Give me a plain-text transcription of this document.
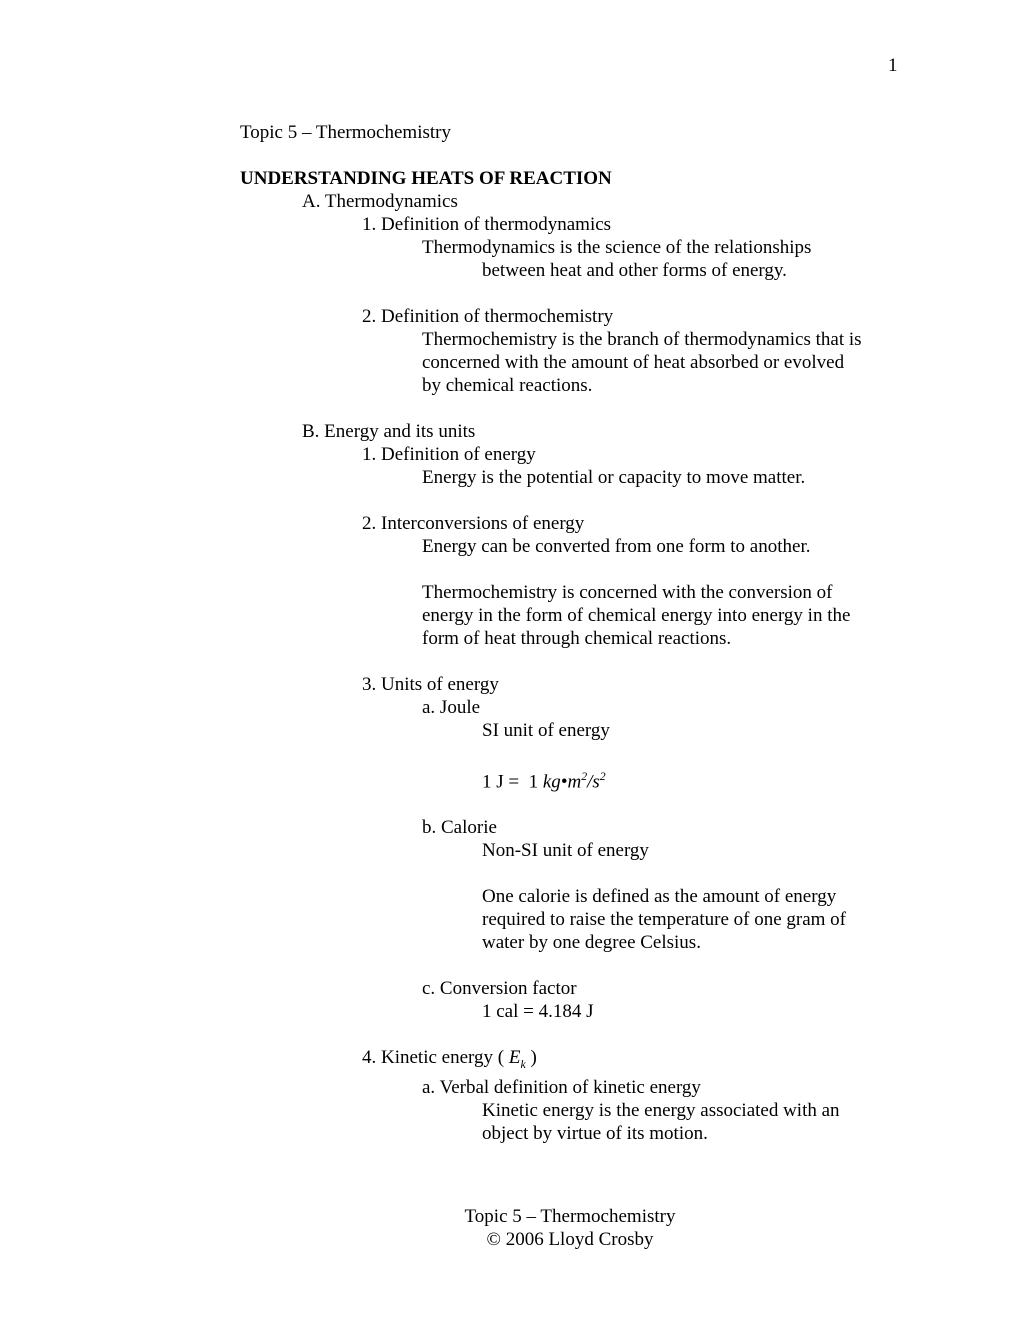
1
Topic 5 – Thermochemistry
UNDERSTANDING HEATS OF REACTION
A. Thermodynamics
1. Definition of thermodynamics
Thermodynamics is the science of the relationships
between heat and other forms of energy.
2. Definition of thermochemistry
Thermochemistry is the branch of thermodynamics that is
concerned with the amount of heat absorbed or evolved
by chemical reactions.
B. Energy and its units
1. Definition of energy
Energy is the potential or capacity to move matter.
2. Interconversions of energy
Energy can be converted from one form to another.
Thermochemistry is concerned with the conversion of
energy in the form of chemical energy into energy in the
form of heat through chemical reactions.
3. Units of energy
a. Joule
SI unit of energy
1 J =  1 $kg•m^2/s^2$
b. Calorie
Non-SI unit of energy
One calorie is defined as the amount of energy
required to raise the temperature of one gram of
water by one degree Celsius.
c. Conversion factor
1 cal = 4.184 J
4. Kinetic energy ( $E_k$ )
a. Verbal definition of kinetic energy
Kinetic energy is the energy associated with an
object by virtue of its motion.
Topic 5 – Thermochemistry
© 2006 Lloyd Crosby
